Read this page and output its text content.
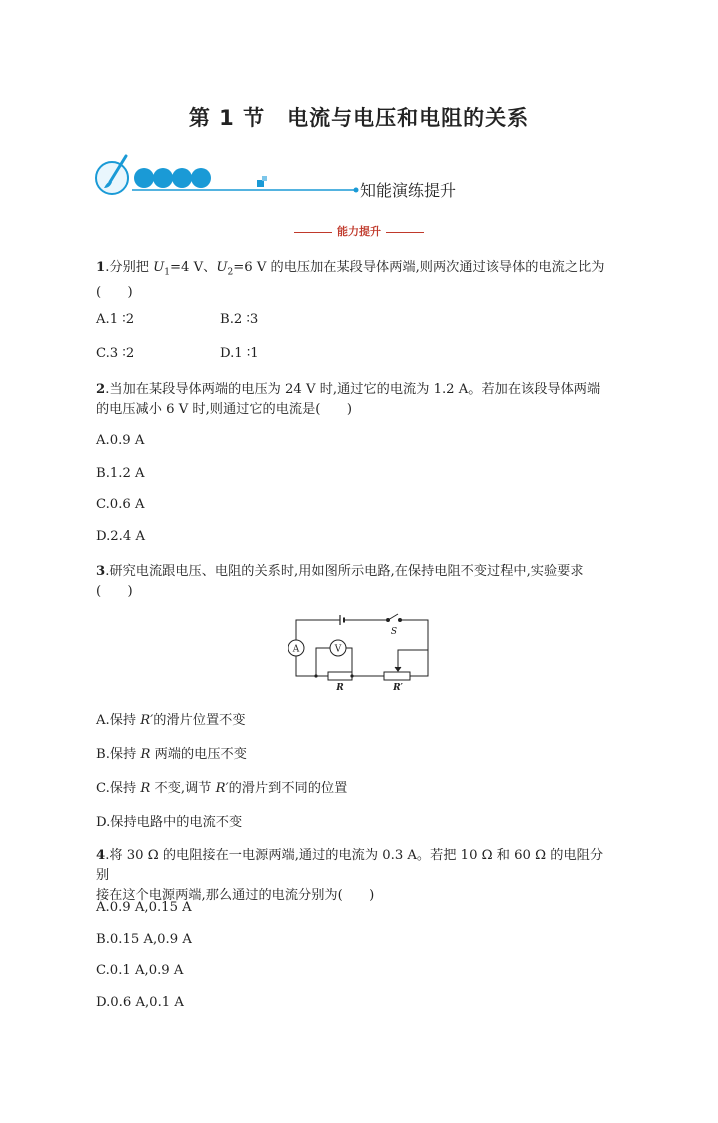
第 1 节　电流与电压和电阻的关系
知能演练提升
能力提升
1.分别把 $U_1=4$ V、$U_2=6$ V 的电压加在某段导体两端,则两次通过该导体的电流之比为
(　　)
A.1 ∶2	B.2 ∶3
C.3 ∶2	D.1 ∶1
2.当加在某段导体两端的电压为 24 V 时,通过它的电流为 1.2 A。若加在该段导体两端
的电压减小 6 V 时,则通过它的电流是(　　)
A.0.9 A
B.1.2 A
C.0.6 A
D.2.4 A
3.研究电流跟电压、电阻的关系时,用如图所示电路,在保持电阻不变过程中,实验要求
(　　)
A	V
S
R	R′
A.保持 R′的滑片位置不变
B.保持 R 两端的电压不变
C.保持 R 不变,调节 R′的滑片到不同的位置
D.保持电路中的电流不变
4.将 30 Ω 的电阻接在一电源两端,通过的电流为 0.3 A。若把 10 Ω 和 60 Ω 的电阻分别
接在这个电源两端,那么通过的电流分别为(　　)
A.0.9 A,0.15 A
B.0.15 A,0.9 A
C.0.1 A,0.9 A
D.0.6 A,0.1 A
